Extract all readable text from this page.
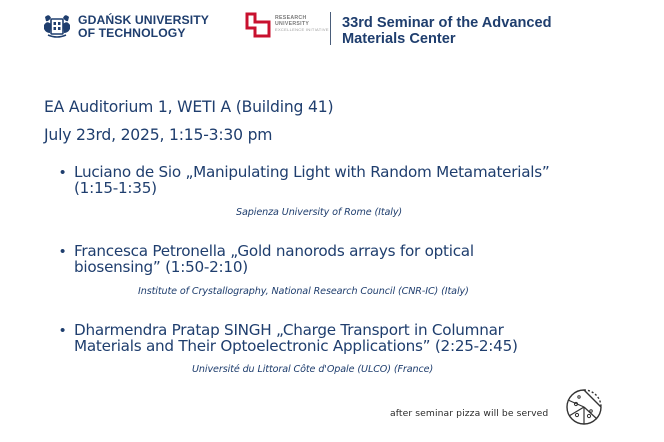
GDAŃSK UNIVERSITY
OF TECHNOLOGY
RESEARCH
UNIVERSITY
EXCELLENCE INITIATIVE 33rd Seminar of the Advanced
Materials Center
EA Auditorium 1, WETI A (Building 41)
July 23rd, 2025, 1:15-3:30 pm
• Luciano de Sio „Manipulating Light with Random Metamaterials”
(1:15-1:35)
Sapienza University of Rome (Italy)
• Francesca Petronella „Gold nanorods arrays for optical
biosensing” (1:50-2:10)
Institute of Crystallography, National Research Council (CNR-IC) (Italy)
• Dharmendra Pratap SINGH „Charge Transport in Columnar
Materials and Their Optoelectronic Applications” (2:25-2:45)
Université du Littoral Côte d'Opale (ULCO) (France)
after seminar pizza will be served
